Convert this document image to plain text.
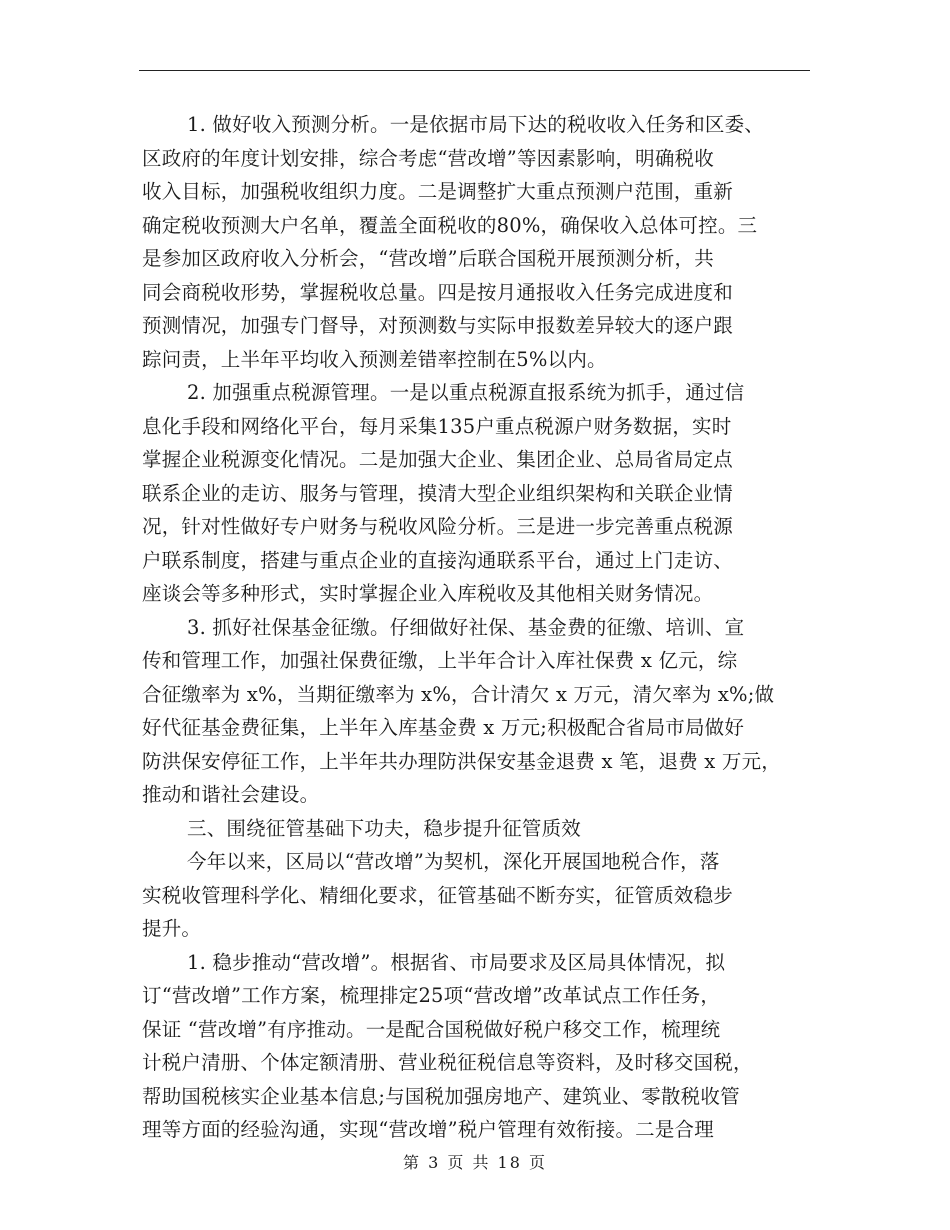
1. 做好收入预测分析。一是依据市局下达的税收收入任务和区委、
区政府的年度计划安排，综合考虑“营改增”等因素影响，明确税收
收入目标，加强税收组织力度。二是调整扩大重点预测户范围，重新
确定税收预测大户名单，覆盖全面税收的80%，确保收入总体可控。三
是参加区政府收入分析会，“营改增”后联合国税开展预测分析，共
同会商税收形势，掌握税收总量。四是按月通报收入任务完成进度和
预测情况，加强专门督导，对预测数与实际申报数差异较大的逐户跟
踪问责，上半年平均收入预测差错率控制在5%以内。
2. 加强重点税源管理。一是以重点税源直报系统为抓手，通过信
息化手段和网络化平台，每月采集135户重点税源户财务数据，实时
掌握企业税源变化情况。二是加强大企业、集团企业、总局省局定点
联系企业的走访、服务与管理，摸清大型企业组织架构和关联企业情
况，针对性做好专户财务与税收风险分析。三是进一步完善重点税源
户联系制度，搭建与重点企业的直接沟通联系平台，通过上门走访、
座谈会等多种形式，实时掌握企业入库税收及其他相关财务情况。
3. 抓好社保基金征缴。仔细做好社保、基金费的征缴、培训、宣
传和管理工作，加强社保费征缴，上半年合计入库社保费 x 亿元，综
合征缴率为 x%，当期征缴率为 x%，合计清欠 x 万元，清欠率为 x%;做
好代征基金费征集，上半年入库基金费 x 万元;积极配合省局市局做好
防洪保安停征工作，上半年共办理防洪保安基金退费 x 笔，退费 x 万元，
推动和谐社会建设。
三、围绕征管基础下功夫，稳步提升征管质效
今年以来，区局以“营改增”为契机，深化开展国地税合作，落
实税收管理科学化、精细化要求，征管基础不断夯实，征管质效稳步
提升。
1. 稳步推动“营改增”。根据省、市局要求及区局具体情况，拟
订“营改增”工作方案，梳理排定25项“营改增”改革试点工作任务，
保证 “营改增”有序推动。一是配合国税做好税户移交工作，梳理统
计税户清册、个体定额清册、营业税征税信息等资料，及时移交国税，
帮助国税核实企业基本信息;与国税加强房地产、建筑业、零散税收管
理等方面的经验沟通，实现“营改增”税户管理有效衔接。二是合理
第 3 页 共 18 页
